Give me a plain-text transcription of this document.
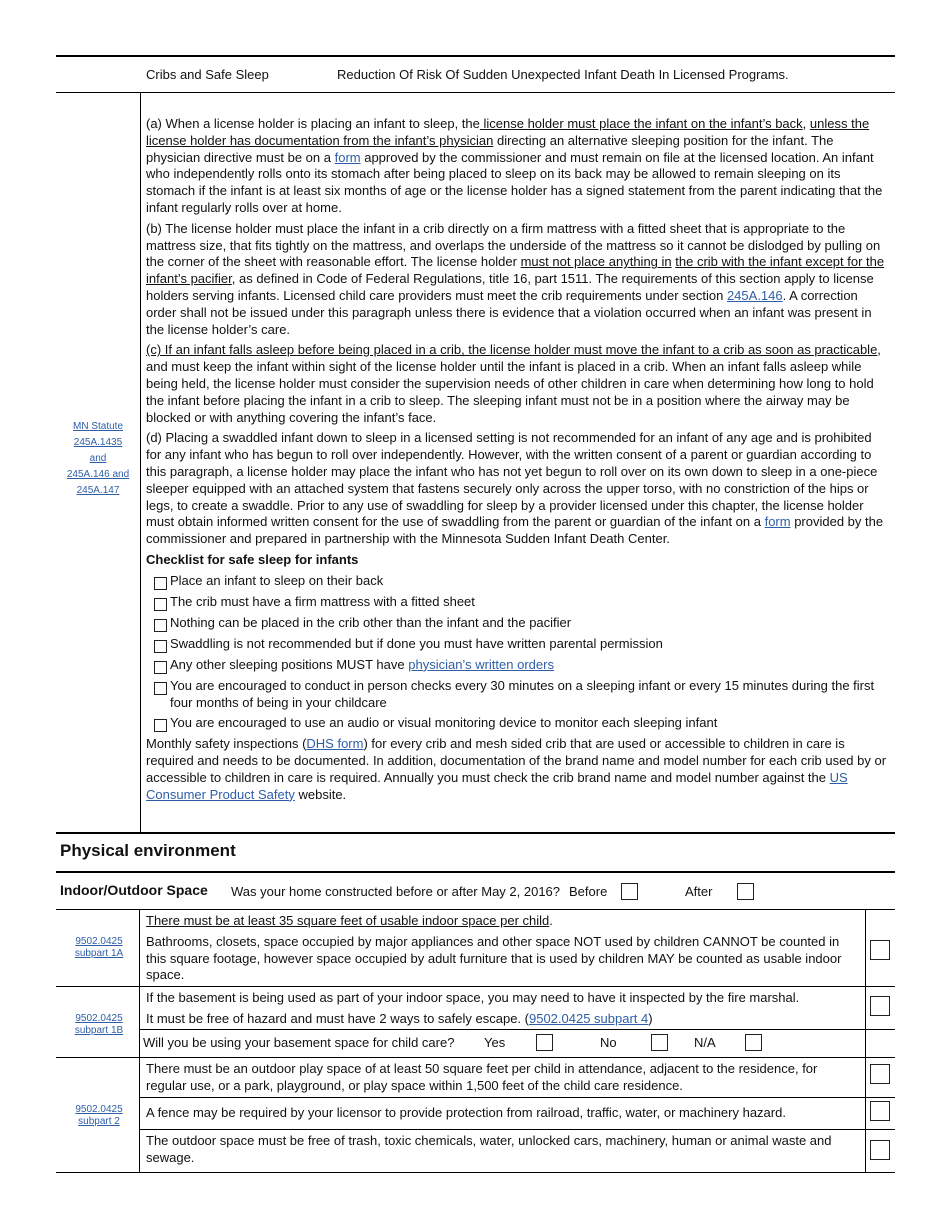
Cribs and Safe Sleep	Reduction Of Risk Of Sudden Unexpected Infant Death In Licensed Programs.
MN Statute
245A.1435
and
245A.146 and
245A.147

(a) When a license holder is placing an infant to sleep, the license holder must place the infant on the infant’s back, unless the license holder has documentation from the infant’s physician directing an alternative sleeping position for the infant. The physician directive must be on a form approved by the commissioner and must remain on file at the licensed location. An infant who independently rolls onto its stomach after being placed to sleep on its back may be allowed to remain sleeping on its stomach if the infant is at least six months of age or the license holder has a signed statement from the parent indicating that the infant regularly rolls over at home.

(b) The license holder must place the infant in a crib directly on a firm mattress with a fitted sheet that is appropriate to the mattress size, that fits tightly on the mattress, and overlaps the underside of the mattress so it cannot be dislodged by pulling on the corner of the sheet with reasonable effort. The license holder must not place anything in the crib with the infant except for the infant’s pacifier, as defined in Code of Federal Regulations, title 16, part 1511. The requirements of this section apply to license holders serving infants. Licensed child care providers must meet the crib requirements under section 245A.146. A correction order shall not be issued under this paragraph unless there is evidence that a violation occurred when an infant was present in the license holder’s care.

(c) If an infant falls asleep before being placed in a crib, the license holder must move the infant to a crib as soon as practicable, and must keep the infant within sight of the license holder until the infant is placed in a crib. When an infant falls asleep while being held, the license holder must consider the supervision needs of other children in care when determining how long to hold the infant before placing the infant in a crib to sleep. The sleeping infant must not be in a position where the airway may be blocked or with anything covering the infant’s face.

(d) Placing a swaddled infant down to sleep in a licensed setting is not recommended for an infant of any age and is prohibited for any infant who has begun to roll over independently. However, with the written consent of a parent or guardian according to this paragraph, a license holder may place the infant who has not yet begun to roll over on its own down to sleep in a one-piece sleeper equipped with an attached system that fastens securely only across the upper torso, with no constriction of the hips or legs, to create a swaddle. Prior to any use of swaddling for sleep by a provider licensed under this chapter, the license holder must obtain informed written consent for the use of swaddling from the parent or guardian of the infant on a form provided by the commissioner and prepared in partnership with the Minnesota Sudden Infant Death Center.

Checklist for safe sleep for infants
Place an infant to sleep on their back
The crib must have a firm mattress with a fitted sheet
Nothing can be placed in the crib other than the infant and the pacifier
Swaddling is not recommended but if done you must have written parental permission
Any other sleeping positions MUST have physician’s written orders
You are encouraged to conduct in person checks every 30 minutes on a sleeping infant or every 15 minutes during the first four months of being in your childcare
You are encouraged to use an audio or visual monitoring device to monitor each sleeping infant

Monthly safety inspections (DHS form) for every crib and mesh sided crib that are used or accessible to children in care is required and needs to be documented. In addition, documentation of the brand name and model number for each crib used by or accessible to children in care is required. Annually you must check the crib brand name and model number against the US Consumer Product Safety website.

Physical environment
Indoor/Outdoor Space Was your home constructed before or after May 2, 2016? Before	After
9502.0425 subpart 1A

There must be at least 35 square feet of usable indoor space per child.

Bathrooms, closets, space occupied by major appliances and other space NOT used by children CANNOT be counted in this square footage, however space occupied by adult furniture that is used by children MAY be counted as usable indoor space.

9502.0425 subpart 1B

If the basement is being used as part of your indoor space, you may need to have it inspected by the fire marshal.

It must be free of hazard and must have 2 ways to safely escape. (9502.0425 subpart 4)

Will you be using your basement space for child care?	Yes	No	N/A
9502.0425 subpart 2
There must be an outdoor play space of at least 50 square feet per child in attendance, adjacent to the residence, for regular use, or a park, playground, or play space within 1,500 feet of the child care residence.
A fence may be required by your licensor to provide protection from railroad, traffic, water, or machinery hazard.
The outdoor space must be free of trash, toxic chemicals, water, unlocked cars, machinery, human or animal waste and sewage.
